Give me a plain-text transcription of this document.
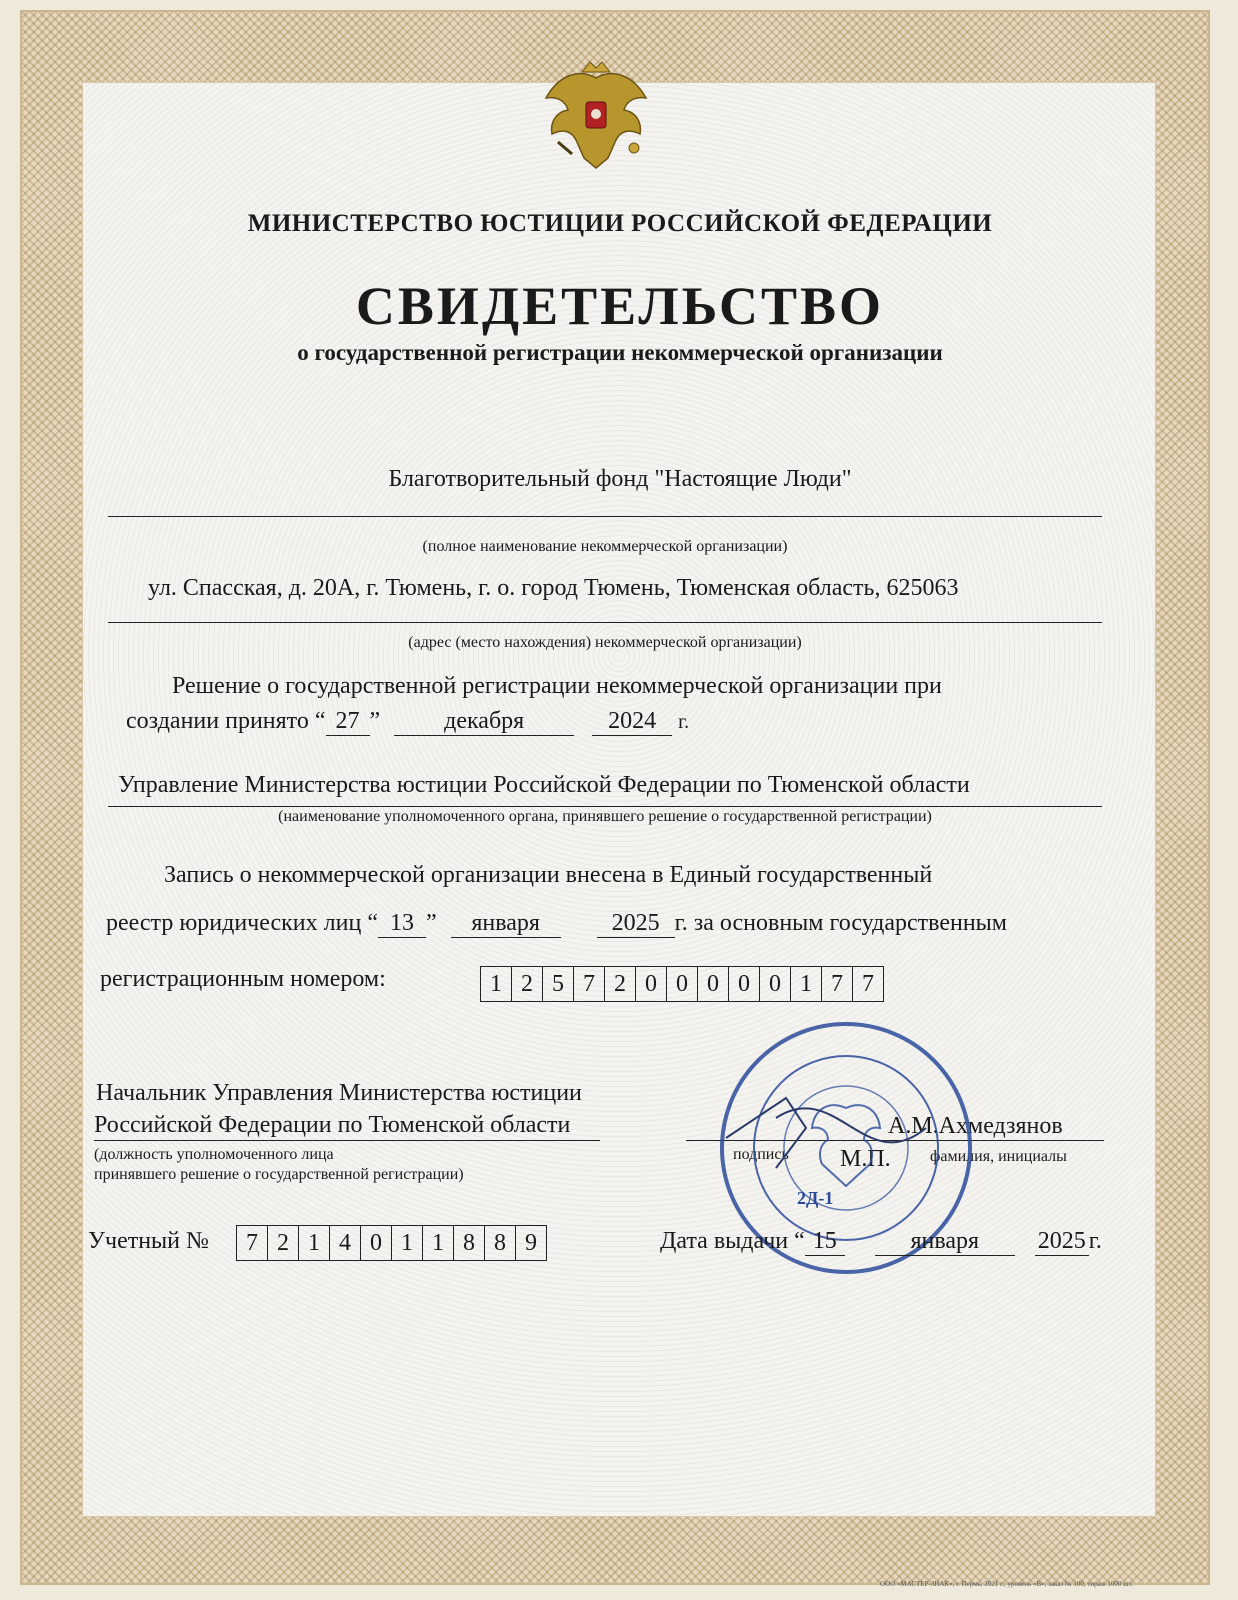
МИНИСТЕРСТВО ЮСТИЦИИ РОССИЙСКОЙ ФЕДЕРАЦИИ
СВИДЕТЕЛЬСТВО
о государственной регистрации некоммерческой организации
Благотворительный фонд "Настоящие Люди"
(полное наименование некоммерческой организации)
ул. Спасская, д. 20А, г. Тюмень, г. о. город Тюмень, Тюменская область, 625063
(адрес (место нахождения) некоммерческой организации)
Решение о государственной регистрации некоммерческой организации при
создании принято “ 27 ”	декабря	2024 г.
Управление Министерства юстиции Российской Федерации по Тюменской области
(наименование уполномоченного органа, принявшего решение о государственной регистрации)
Запись о некоммерческой организации внесена в Единый государственный
реестр юридических лиц “ 13 ” января	2025 г. за основным государственным
регистрационным номером:	1 2 5 7 2 0 0 0 0 0 1 7 7
Начальник Управления Министерства юстиции
Российской Федерации по Тюменской области
(должность уполномоченного лица
принявшего решение о государственной регистрации)
подпись М.П.
А.М.Ахмедзянов
фамилия, инициалы
2Д-1
Учетный №	7 2 1 4 0 1 1 8 8 9	Дата выдачи “ 15	января 2025 г.
ООО «МАСТЕР-ЗНАК», г. Пермь, 2021 г., уровень «В», заказ № 100, тираж 1000 шт.
